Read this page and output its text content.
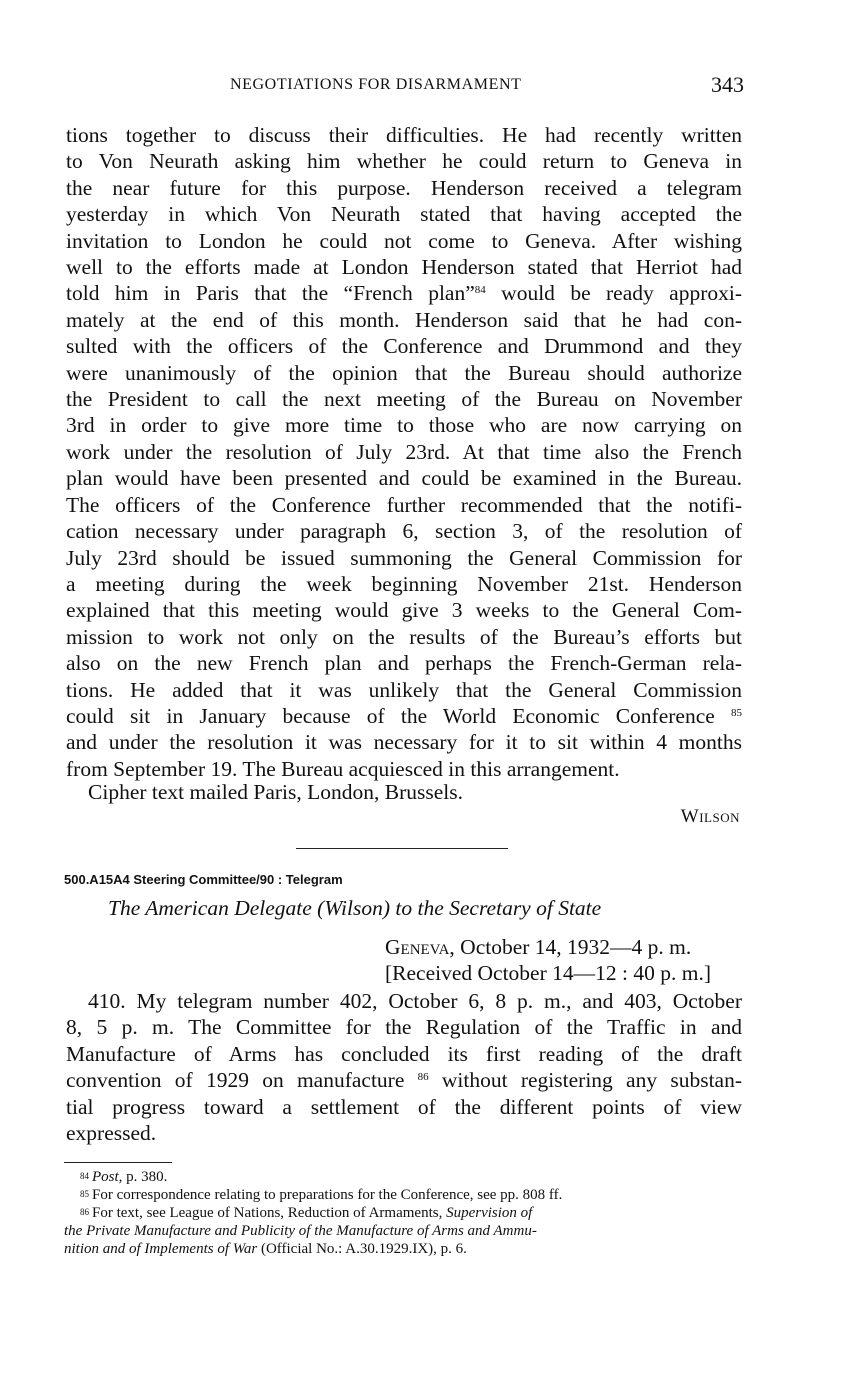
NEGOTIATIONS FOR DISARMAMENT	343
tions together to discuss their difficulties. He had recently written
to Von Neurath asking him whether he could return to Geneva in
the near future for this purpose. Henderson received a telegram
yesterday in which Von Neurath stated that having accepted the
invitation to London he could not come to Geneva. After wishing
well to the efforts made at London Henderson stated that Herriot had
told him in Paris that the “French plan”$^{84}$ would be ready approxi-
mately at the end of this month. Henderson said that he had con-
sulted with the officers of the Conference and Drummond and they
were unanimously of the opinion that the Bureau should authorize
the President to call the next meeting of the Bureau on November
3rd in order to give more time to those who are now carrying on
work under the resolution of July 23rd. At that time also the French
plan would have been presented and could be examined in the Bureau.
The officers of the Conference further recommended that the notifi-
cation necessary under paragraph 6, section 3, of the resolution of
July 23rd should be issued summoning the General Commission for
a meeting during the week beginning November 21st. Henderson
explained that this meeting would give 3 weeks to the General Com-
mission to work not only on the results of the Bureau’s efforts but
also on the new French plan and perhaps the French-German rela-
tions. He added that it was unlikely that the General Commission
could sit in January because of the World Economic Conference $^{85}$
and under the resolution it was necessary for it to sit within 4 months
from September 19. The Bureau acquiesced in this arrangement.
Cipher text mailed Paris, London, Brussels.
Wilson
500.A15A4 Steering Committee/90 : Telegram
The American Delegate (Wilson) to the Secretary of State
Geneva, October 14, 1932—4 p. m.
[Received October 14—12 : 40 p. m.]
410. My telegram number 402, October 6, 8 p. m., and 403, October
8, 5 p. m. The Committee for the Regulation of the Traffic in and
Manufacture of Arms has concluded its first reading of the draft
convention of 1929 on manufacture $^{86}$ without registering any substan-
tial progress toward a settlement of the different points of view
expressed.
$^{84}$ Post, p. 380.
$^{85}$ For correspondence relating to preparations for the Conference, see pp. 808 ff.
$^{86}$ For text, see League of Nations, Reduction of Armaments, Supervision of
the Private Manufacture and Publicity of the Manufacture of Arms and Ammu-
nition and of Implements of War (Official No.: A.30.1929.IX), p. 6.
